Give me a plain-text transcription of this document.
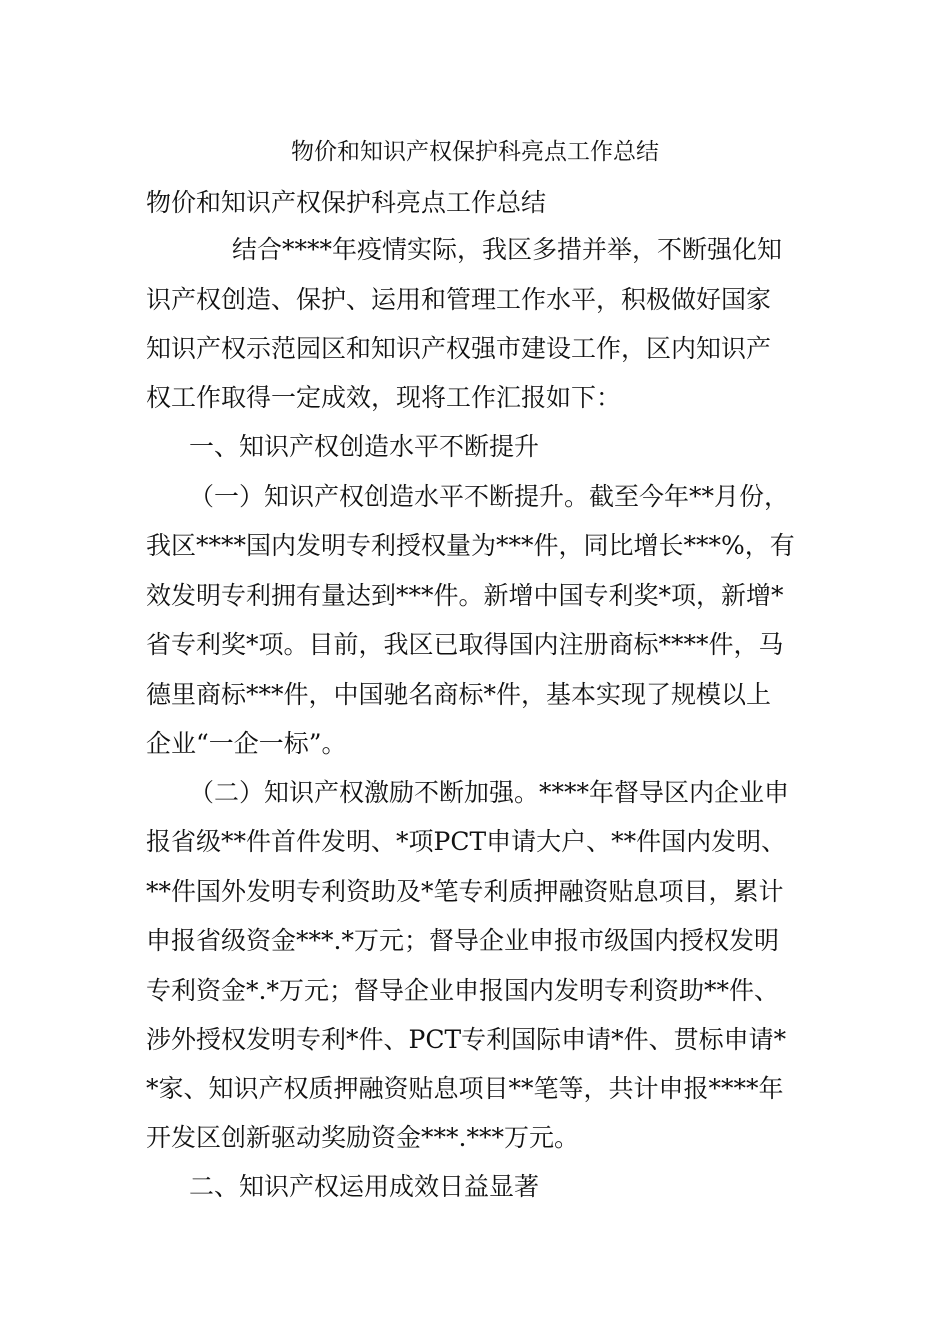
物价和知识产权保护科亮点工作总结
物价和知识产权保护科亮点工作总结
结合****年疫情实际，我区多措并举，不断强化知
识产权创造、保护、运用和管理工作水平，积极做好国家
知识产权示范园区和知识产权强市建设工作，区内知识产
权工作取得一定成效，现将工作汇报如下：
一、知识产权创造水平不断提升
（一）知识产权创造水平不断提升。截至今年**月份，
我区****国内发明专利授权量为***件，同比增长***%，有
效发明专利拥有量达到***件。新增中国专利奖*项，新增*
省专利奖*项。目前，我区已取得国内注册商标****件，马
德里商标***件，中国驰名商标*件，基本实现了规模以上
企业“一企一标”。
（二）知识产权激励不断加强。****年督导区内企业申
报省级**件首件发明、*项PCT申请大户、**件国内发明、
**件国外发明专利资助及*笔专利质押融资贴息项目，累计
申报省级资金***.*万元；督导企业申报市级国内授权发明
专利资金*.*万元；督导企业申报国内发明专利资助**件、
涉外授权发明专利*件、PCT专利国际申请*件、贯标申请*
*家、知识产权质押融资贴息项目**笔等，共计申报****年
开发区创新驱动奖励资金***.***万元。
二、知识产权运用成效日益显著
